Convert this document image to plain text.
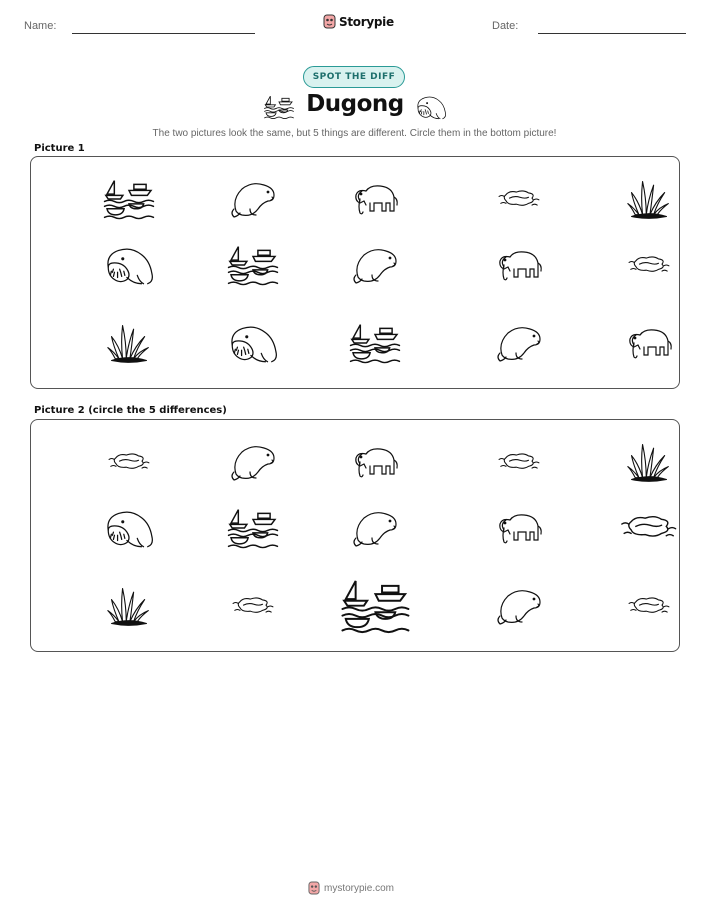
Name:	Storypie	Date:
SPOT THE DIFF
Dugong
The two pictures look the same, but 5 things are different. Circle them in the bottom picture!
Picture 1
Picture 2 (circle the 5 differences)
mystorypie.com
